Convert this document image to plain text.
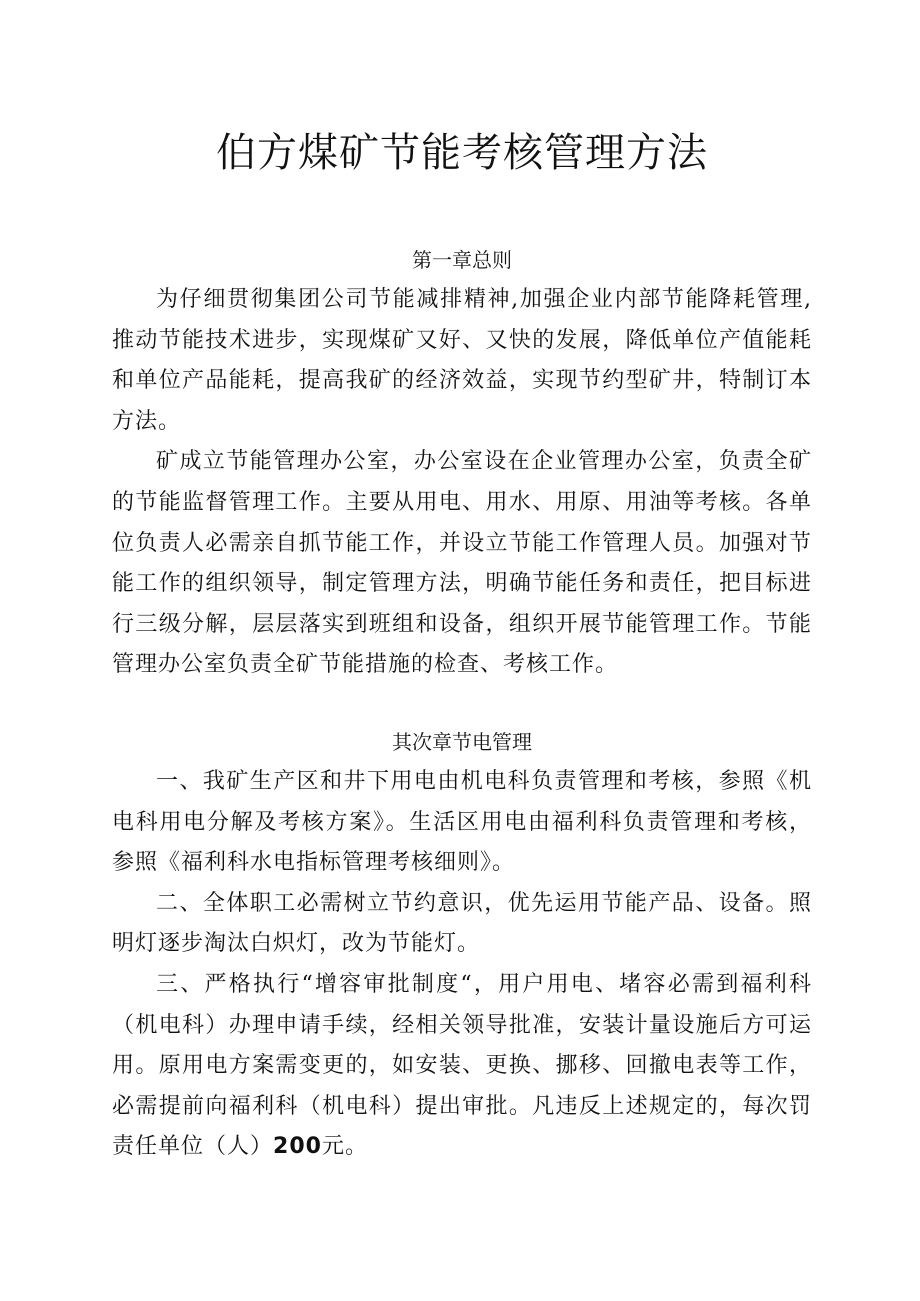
伯方煤矿节能考核管理方法
第一章总则

为仔细贯彻集团公司节能减排精神,加强企业内部节能降耗管理,推动节能技术进步，实现煤矿又好、又快的发展，降低单位产值能耗和单位产品能耗，提高我矿的经济效益，实现节约型矿井，特制订本方法。

矿成立节能管理办公室，办公室设在企业管理办公室，负责全矿的节能监督管理工作。主要从用电、用水、用原、用油等考核。各单位负责人必需亲自抓节能工作，并设立节能工作管理人员。加强对节能工作的组织领导，制定管理方法，明确节能任务和责任，把目标进行三级分解，层层落实到班组和设备，组织开展节能管理工作。节能管理办公室负责全矿节能措施的检查、考核工作。

其次章节电管理

一、我矿生产区和井下用电由机电科负责管理和考核，参照《机电科用电分解及考核方案》。生活区用电由福利科负责管理和考核，参照《福利科水电指标管理考核细则》。

二、全体职工必需树立节约意识，优先运用节能产品、设备。照明灯逐步淘汰白炽灯，改为节能灯。

三、严格执行“增容审批制度“，用户用电、堵容必需到福利科（机电科）办理申请手续，经相关领导批准，安装计量设施后方可运用。原用电方案需变更的，如安装、更换、挪移、回撤电表等工作，必需提前向福利科（机电科）提出审批。凡违反上述规定的，每次罚责任单位（人）200元。
